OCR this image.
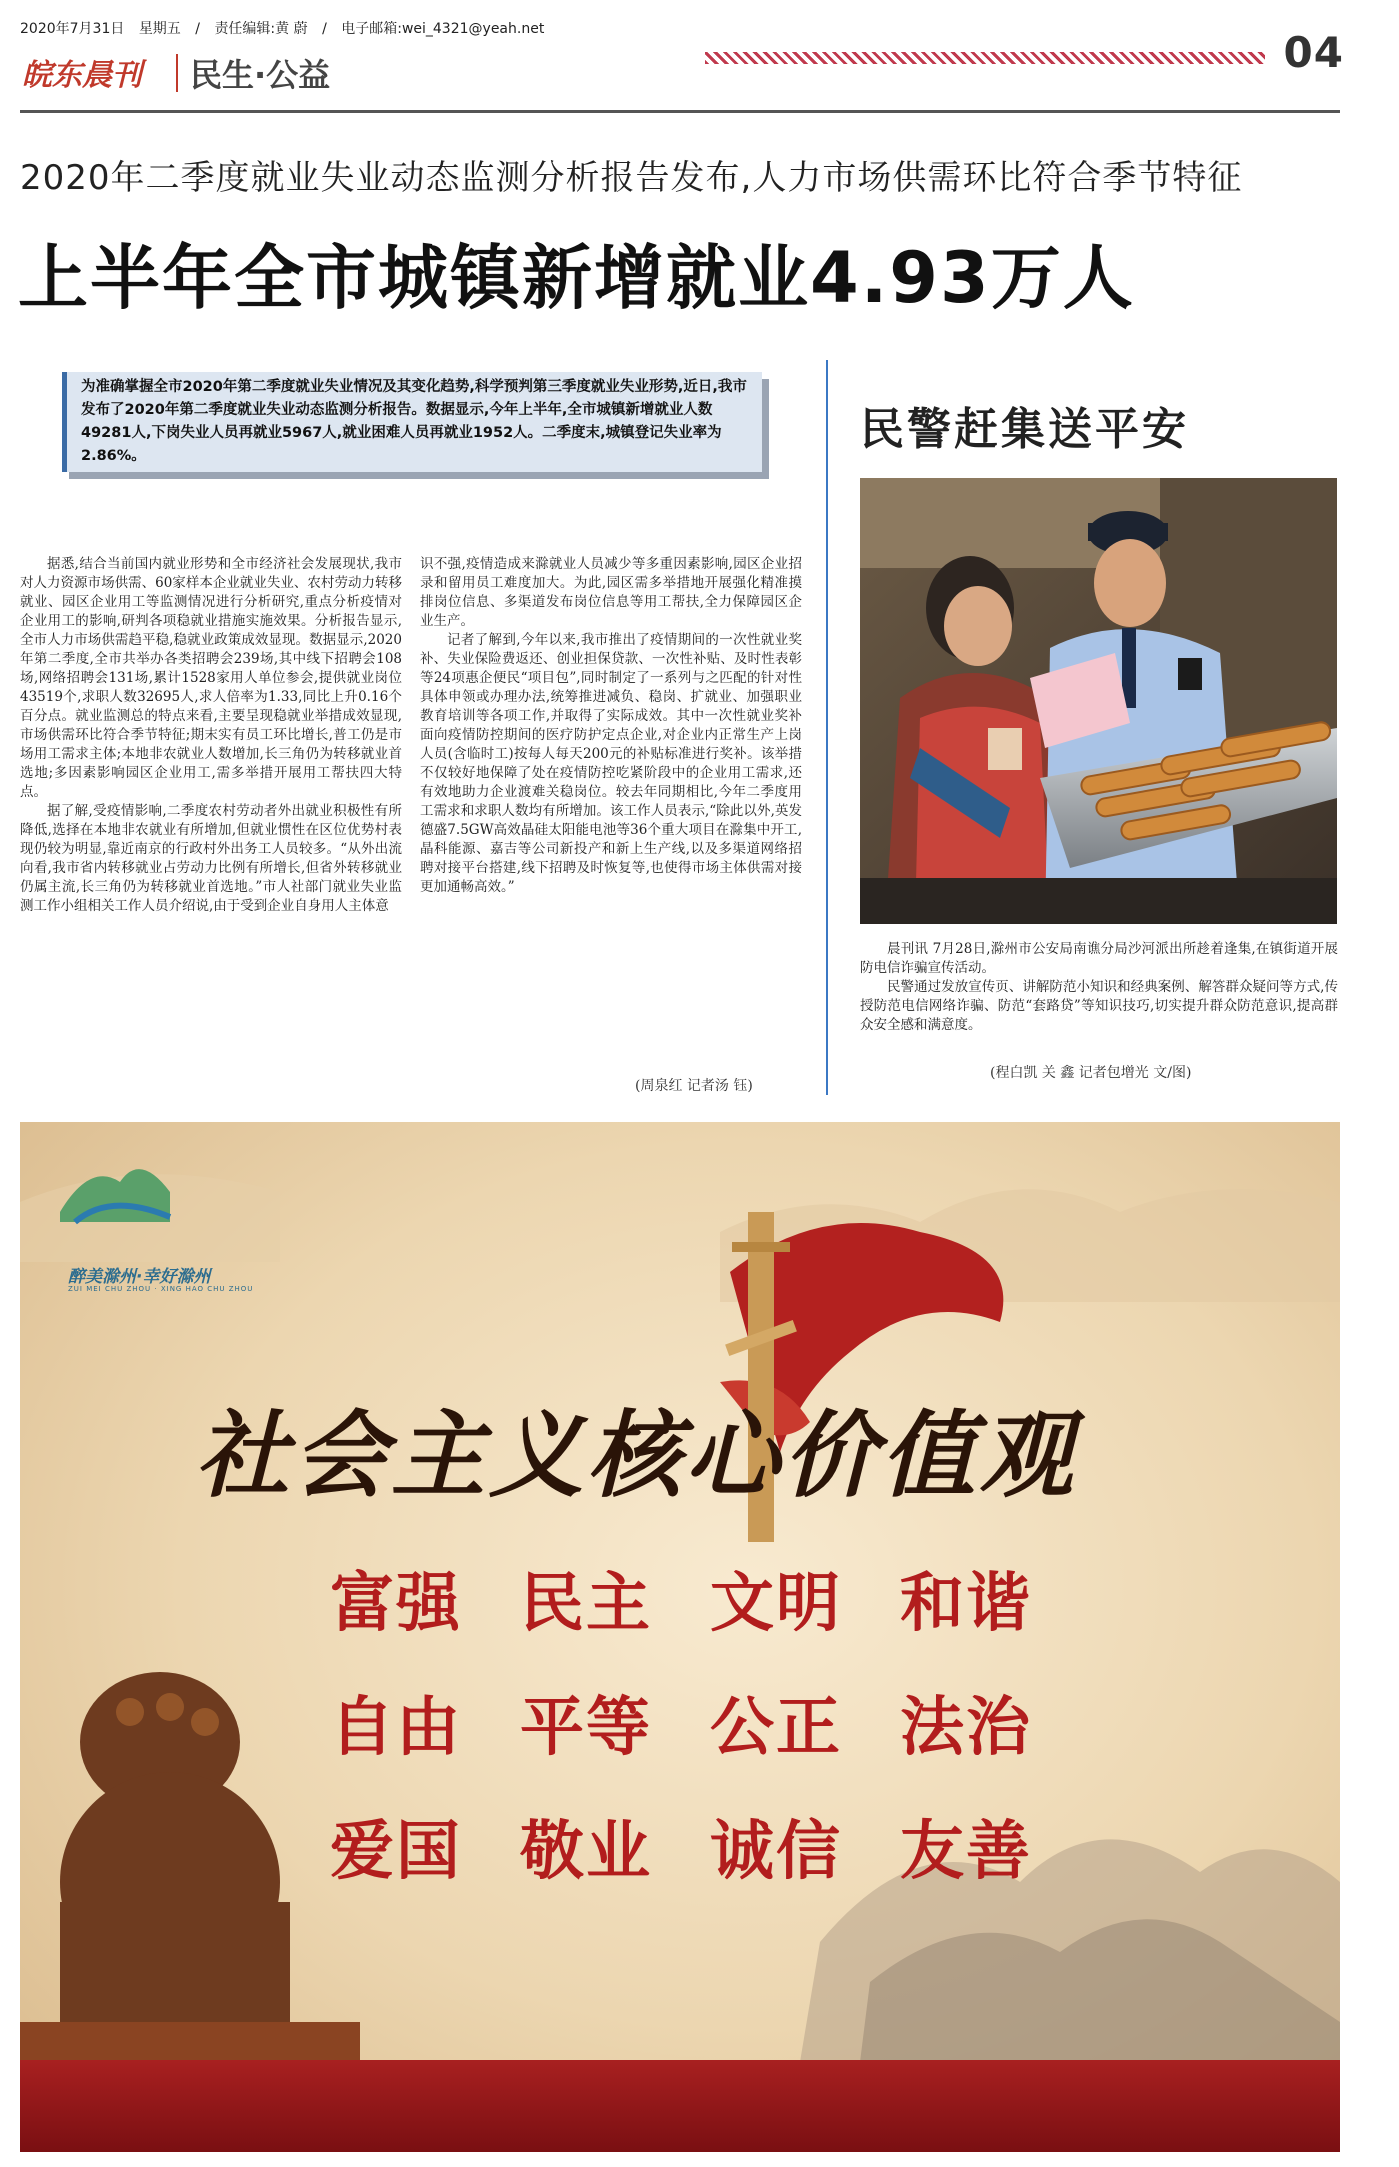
2020年7月31日 星期五 / 责任编辑:黄 蔚 / 电子邮箱:wei_4321@yeah.net	04
皖东晨刊 民生·公益
2020年二季度就业失业动态监测分析报告发布,人力市场供需环比符合季节特征
上半年全市城镇新增就业4.93万人
为准确掌握全市2020年第二季度就业失业情况及其变化趋势,科学预判第三季度就业失业形势,近日,我市发布了2020年第二季度就业失业动态监测分析报告。数据显示,今年上半年,全市城镇新增就业人数49281人,下岗失业人员再就业5967人,就业困难人员再就业1952人。二季度末,城镇登记失业率为2.86%。

据悉,结合当前国内就业形势和全市经济社会发展现状,我市对人力资源市场供需、60家样本企业就业失业、农村劳动力转移就业、园区企业用工等监测情况进行分析研究,重点分析疫情对企业用工的影响,研判各项稳就业措施实施效果。分析报告显示,全市人力市场供需趋平稳,稳就业政策成效显现。数据显示,2020年第二季度,全市共举办各类招聘会239场,其中线下招聘会108场,网络招聘会131场,累计1528家用人单位参会,提供就业岗位43519个,求职人数32695人,求人倍率为1.33,同比上升0.16个百分点。就业监测总的特点来看,主要呈现稳就业举措成效显现,市场供需环比符合季节特征;期末实有员工环比增长,普工仍是市场用工需求主体;本地非农就业人数增加,长三角仍为转移就业首选地;多因素影响园区企业用工,需多举措开展用工帮扶四大特点。

据了解,受疫情影响,二季度农村劳动者外出就业积极性有所降低,选择在本地非农就业有所增加,但就业惯性在区位优势村表现仍较为明显,靠近南京的行政村外出务工人员较多。“从外出流向看,我市省内转移就业占劳动力比例有所增长,但省外转移就业仍属主流,长三角仍为转移就业首选地。”市人社部门就业失业监测工作小组相关工作人员介绍说,由于受到企业自身用人主体意

识不强,疫情造成来滁就业人员减少等多重因素影响,园区企业招录和留用员工难度加大。为此,园区需多举措地开展强化精准摸排岗位信息、多渠道发布岗位信息等用工帮扶,全力保障园区企业生产。

记者了解到,今年以来,我市推出了疫情期间的一次性就业奖补、失业保险费返还、创业担保贷款、一次性补贴、及时性表彰等24项惠企便民“项目包”,同时制定了一系列与之匹配的针对性具体申领或办理办法,统筹推进减负、稳岗、扩就业、加强职业教育培训等各项工作,并取得了实际成效。其中一次性就业奖补面向疫情防控期间的医疗防护定点企业,对企业内正常生产上岗人员(含临时工)按每人每天200元的补贴标准进行奖补。该举措不仅较好地保障了处在疫情防控吃紧阶段中的企业用工需求,还有效地助力企业渡难关稳岗位。较去年同期相比,今年二季度用工需求和求职人数均有所增加。该工作人员表示,“除此以外,英发德盛7.5GW高效晶硅太阳能电池等36个重大项目在滁集中开工,晶科能源、嘉吉等公司新投产和新上生产线,以及多渠道网络招聘对接平台搭建,线下招聘及时恢复等,也使得市场主体供需对接更加通畅高效。”

(周泉红 记者汤 钰)
民警赶集送平安

晨刊讯 7月28日,滁州市公安局南谯分局沙河派出所趁着逢集,在镇街道开展防电信诈骗宣传活动。

民警通过发放宣传页、讲解防范小知识和经典案例、解答群众疑问等方式,传授防范电信网络诈骗、防范“套路贷”等知识技巧,切实提升群众防范意识,提高群众安全感和满意度。

(程白凯 关 鑫 记者包增光 文/图)
醉美滁州·幸好滁州
ZUI MEI CHU ZHOU · XING HAO CHU ZHOU
社会主义核心价值观
富强 民主 文明 和谐
自由 平等 公正 法治
爱国 敬业 诚信 友善
